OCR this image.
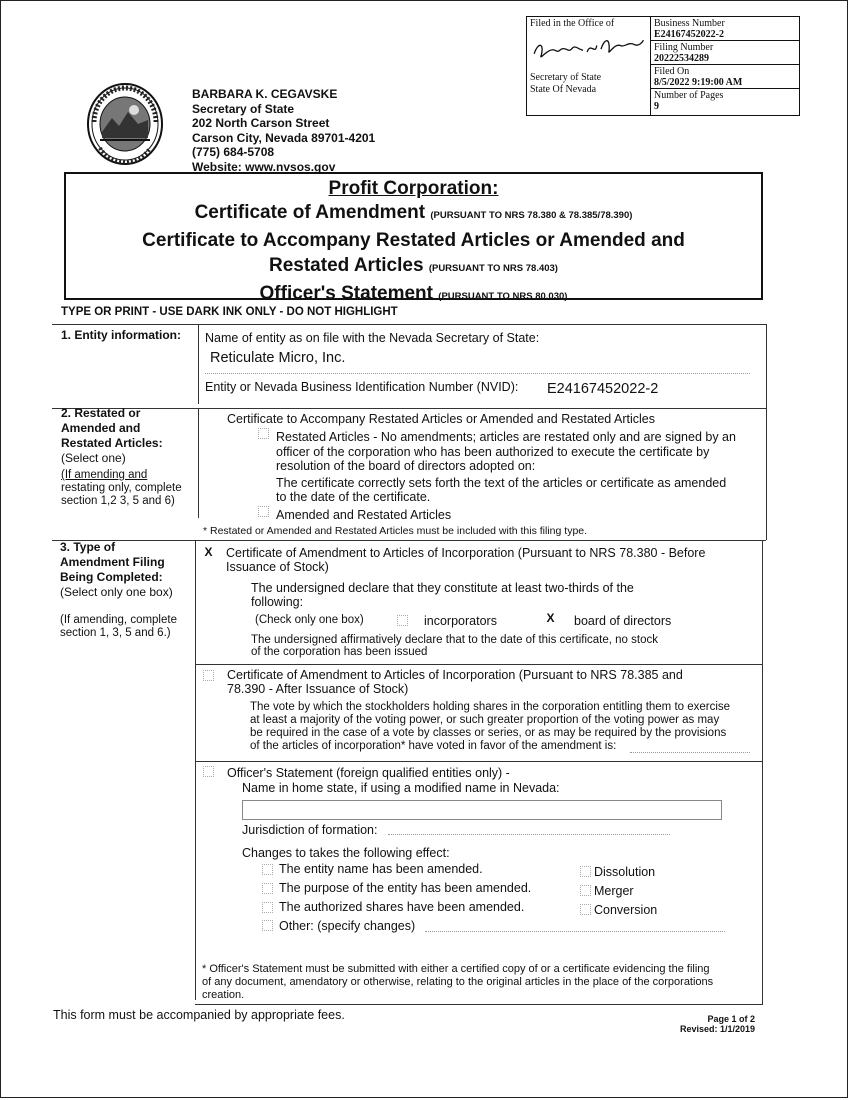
Filed in the Office of
Secretary of State
State Of Nevada
Business Number
E24167452022-2
Filing Number
20222534289
Filed On
8/5/2022 9:19:00 AM
Number of Pages
9
BARBARA K. CEGAVSKE
Secretary of State
202 North Carson Street
Carson City, Nevada 89701-4201
(775) 684-5708
Website: www.nvsos.gov
Profit Corporation:
Certificate of Amendment (PURSUANT TO NRS 78.380 & 78.385/78.390)
Certificate to Accompany Restated Articles or Amended and
Restated Articles (PURSUANT TO NRS 78.403)
Officer's Statement (PURSUANT TO NRS 80.030)
TYPE OR PRINT - USE DARK INK ONLY - DO NOT HIGHLIGHT
1. Entity information: Name of entity as on file with the Nevada Secretary of State:
Reticulate Micro, Inc.
Entity or Nevada Business Identification Number (NVID): E24167452022-2
2. Restated or
Amended and
Restated Articles:
(Select one)
(If amending and
restating only, complete
section 1,2 3, 5 and 6)
Certificate to Accompany Restated Articles or Amended and Restated Articles
Restated Articles - No amendments; articles are restated only and are signed by an
officer of the corporation who has been authorized to execute the certificate by
resolution of the board of directors adopted on:
The certificate correctly sets forth the text of the articles or certificate as amended
to the date of the certificate.
Amended and Restated Articles
* Restated or Amended and Restated Articles must be included with this filing type.
3. Type of
Amendment Filing
Being Completed:
(Select only one box)
(If amending, complete
section 1, 3, 5 and 6.)
X Certificate of Amendment to Articles of Incorporation (Pursuant to NRS 78.380 - Before
Issuance of Stock)
The undersigned declare that they constitute at least two-thirds of the
following:
(Check only one box)	incorporators	X board of directors
The undersigned affirmatively declare that to the date of this certificate, no stock
of the corporation has been issued
Certificate of Amendment to Articles of Incorporation (Pursuant to NRS 78.385 and
78.390 - After Issuance of Stock)
The vote by which the stockholders holding shares in the corporation entitling them to exercise
at least a majority of the voting power, or such greater proportion of the voting power as may
be required in the case of a vote by classes or series, or as may be required by the provisions
of the articles of incorporation* have voted in favor of the amendment is:
Officer's Statement (foreign qualified entities only) -
Name in home state, if using a modified name in Nevada:
Jurisdiction of formation:
Changes to takes the following effect:
The entity name has been amended.
The purpose of the entity has been amended.
The authorized shares have been amended.
Other: (specify changes)
Dissolution
Merger
Conversion
* Officer's Statement must be submitted with either a certified copy of or a certificate evidencing the filing
of any document, amendatory or otherwise, relating to the original articles in the place of the corporations
creation.
This form must be accompanied by appropriate fees.	Page 1 of 2
Revised: 1/1/2019
